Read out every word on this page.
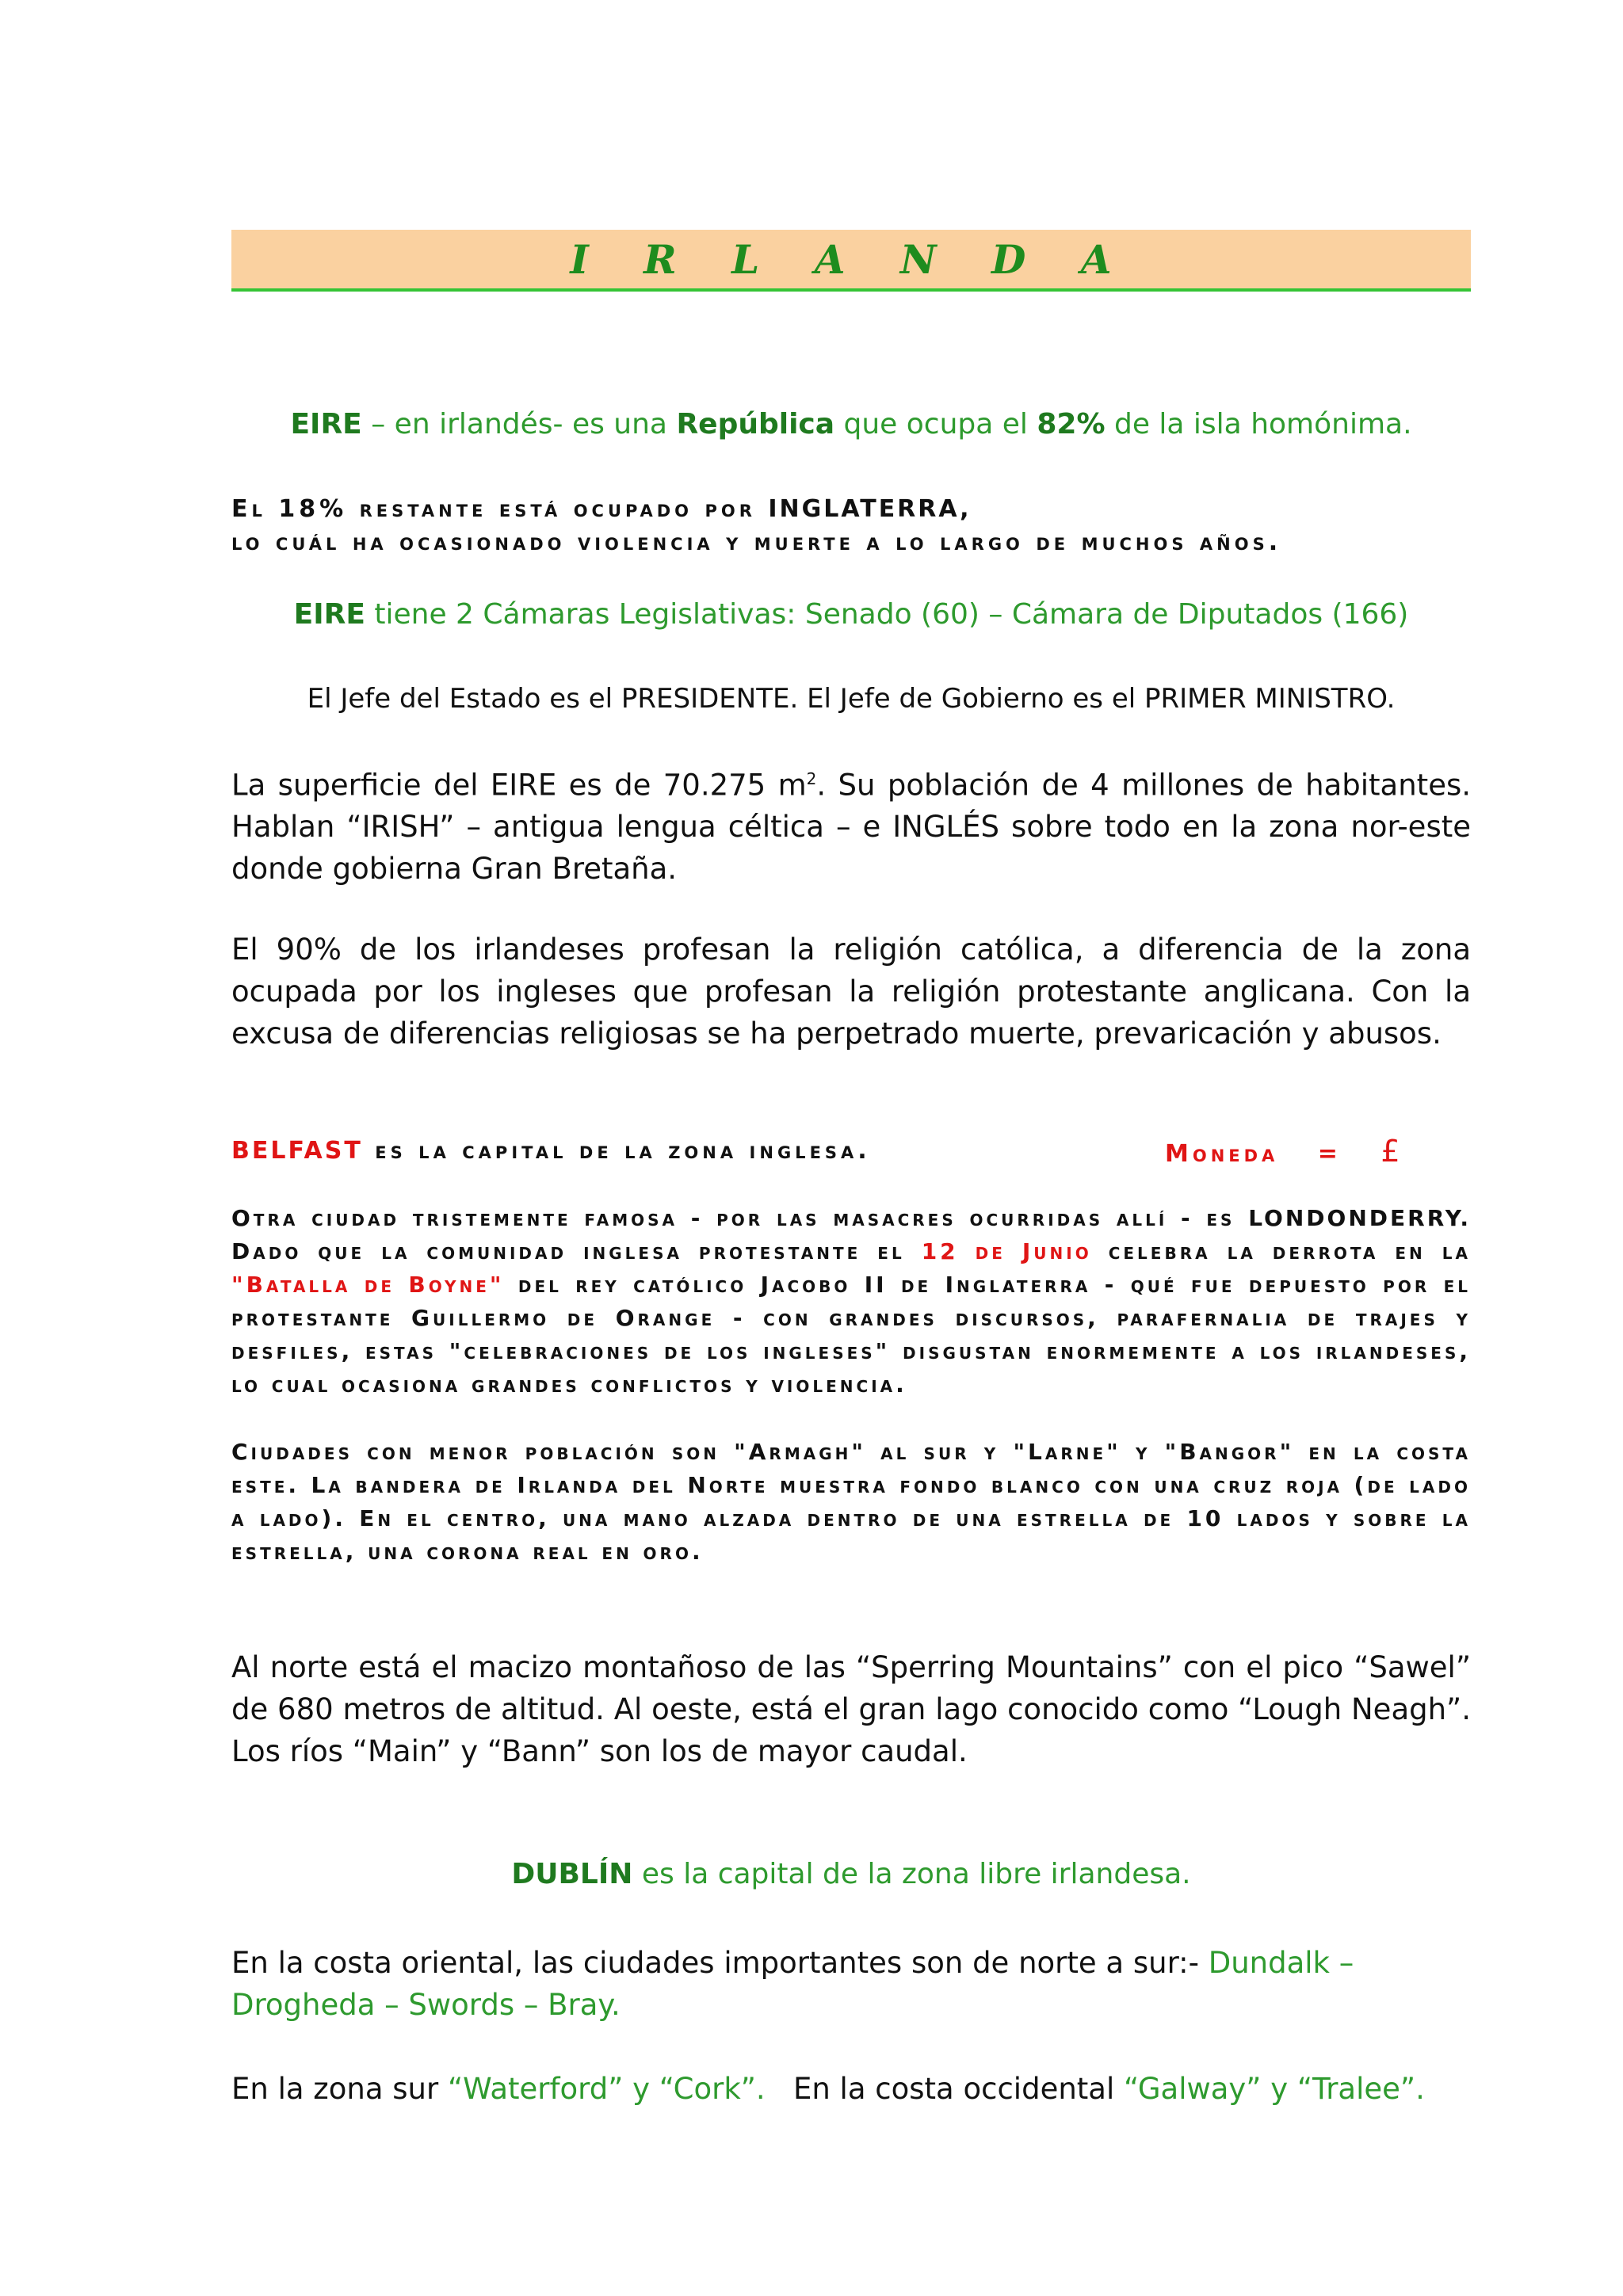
I R L A N D A
EIRE – en irlandés- es una República que ocupa el 82% de la isla homónima.
El 18% restante está ocupado por INGLATERRA,
lo cuál ha ocasionado violencia y muerte a lo largo de muchos años.
EIRE tiene 2 Cámaras Legislativas: Senado (60) – Cámara de Diputados (166)
El Jefe del Estado es el PRESIDENTE. El Jefe de Gobierno es el PRIMER MINISTRO.

La superficie del EIRE es de 70.275 $m^2$. Su población de 4 millones de habitantes. Hablan “IRISH” – antigua lengua céltica – e INGLÉS sobre todo en la zona nor-este donde gobierna Gran Bretaña.

El 90% de los irlandeses profesan la religión católica, a diferencia de la zona ocupada por los ingleses que profesan la religión protestante anglicana. Con la excusa de diferencias religiosas se ha perpetrado muerte, prevaricación y abusos.
BELFAST es la capital de la zona inglesa.	Moneda = £

Otra ciudad tristemente famosa - por las masacres ocurridas allí - es LONDONDERRY. Dado que la comunidad inglesa protestante el 12 de Junio celebra la derrota en la "Batalla de Boyne" del rey católico Jacobo II de Inglaterra - qué fue depuesto por el protestante Guillermo de Orange - con grandes discursos, parafernalia de trajes y desfiles, estas "celebraciones de los ingleses" disgustan enormemente a los irlandeses, lo cual ocasiona grandes conflictos y violencia.

Ciudades con menor población son "Armagh" al sur y "Larne" y "Bangor" en la costa este. La bandera de Irlanda del Norte muestra fondo blanco con una cruz roja (de lado a lado). En el centro, una mano alzada dentro de una estrella de 10 lados y sobre la estrella, una corona real en oro.
Al norte está el macizo montañoso de las “Sperring Mountains” con el pico “Sawel” de 680 metros de altitud. Al oeste, está el gran lago conocido como “Lough Neagh”. Los ríos “Main” y “Bann” son los de mayor caudal.
DUBLÍN es la capital de la zona libre irlandesa.
En la costa oriental, las ciudades importantes son de norte a sur:- Dundalk – Drogheda – Swords – Bray.
En la zona sur “Waterford” y “Cork”.   En la costa occidental “Galway” y “Tralee”.
